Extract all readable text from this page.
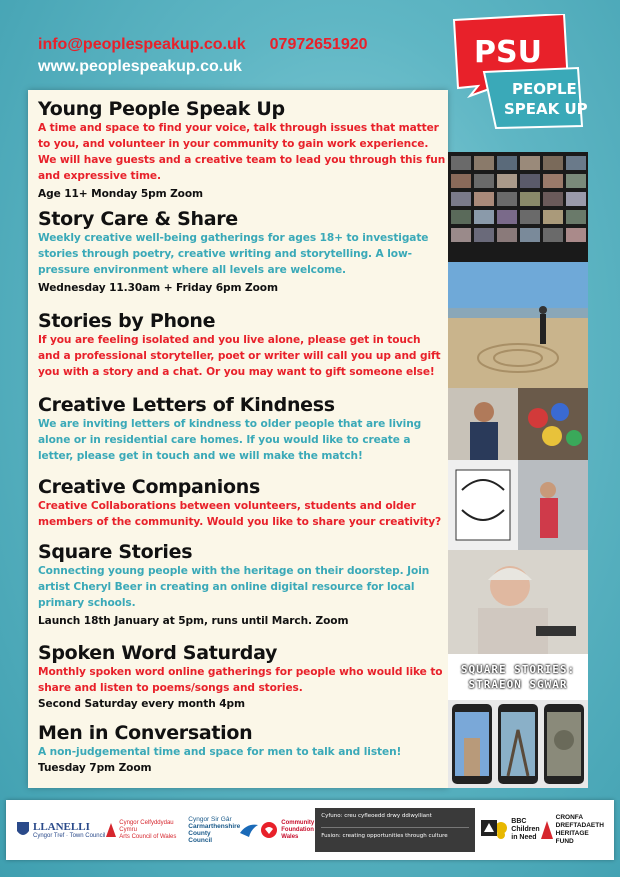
info@peoplespeakup.co.uk 07972651920
www.peoplespeakup.co.uk	PSU
PEOPLE
SPEAK UP
SQUARE STORIES: STRAEON SGWAR
Young People Speak Up

A time and space to find your voice, talk through issues that matter to you, and volunteer in your community to gain work experience. We will have guests and a creative team to lead you through this fun and expressive time.

Age 11+ Monday 5pm Zoom

Story Care & Share

Weekly creative well-being gatherings for ages 18+ to investigate stories through poetry, creative writing and storytelling. A low-pressure environment where all levels are welcome.

Wednesday 11.30am + Friday 6pm Zoom

Stories by Phone

If you are feeling isolated and you live alone, please get in touch and a professional storyteller, poet or writer will call you up and gift you with a story and a chat. Or you may want to gift someone else!

Creative Letters of Kindness

We are inviting letters of kindness to older people that are living alone or in residential care homes. If you would like to create a letter, please get in touch and we will make the match!

Creative Companions

Creative Collaborations between volunteers, students and older members of the community. Would you like to share your creativity?

Square Stories

Connecting young people with the heritage on their doorstep. Join artist Cheryl Beer in creating an online digital resource for local primary schools.

Launch 18th January at 5pm, runs until March. Zoom

Spoken Word Saturday

Monthly spoken word online gatherings for people who would like to share and listen to poems/songs and stories.

Second Saturday every month 4pm

Men in Conversation

A non-judgemental time and space for men to talk and listen!

Tuesday 7pm Zoom

LLANELLI
Cyngor Tref · Town Council
Cyngor Celfyddydau Cymru
Arts Council of Wales
Cyngor Sir Gâr
Carmarthenshire County Council
Community
Foundation
Wales
Cyfuno: creu cyfleoedd drwy ddiwylliant
Fusion: creating opportunities through culture
BBC
Children
in Need
CRONFA
DREFTADAETH
HERITAGE
FUND
